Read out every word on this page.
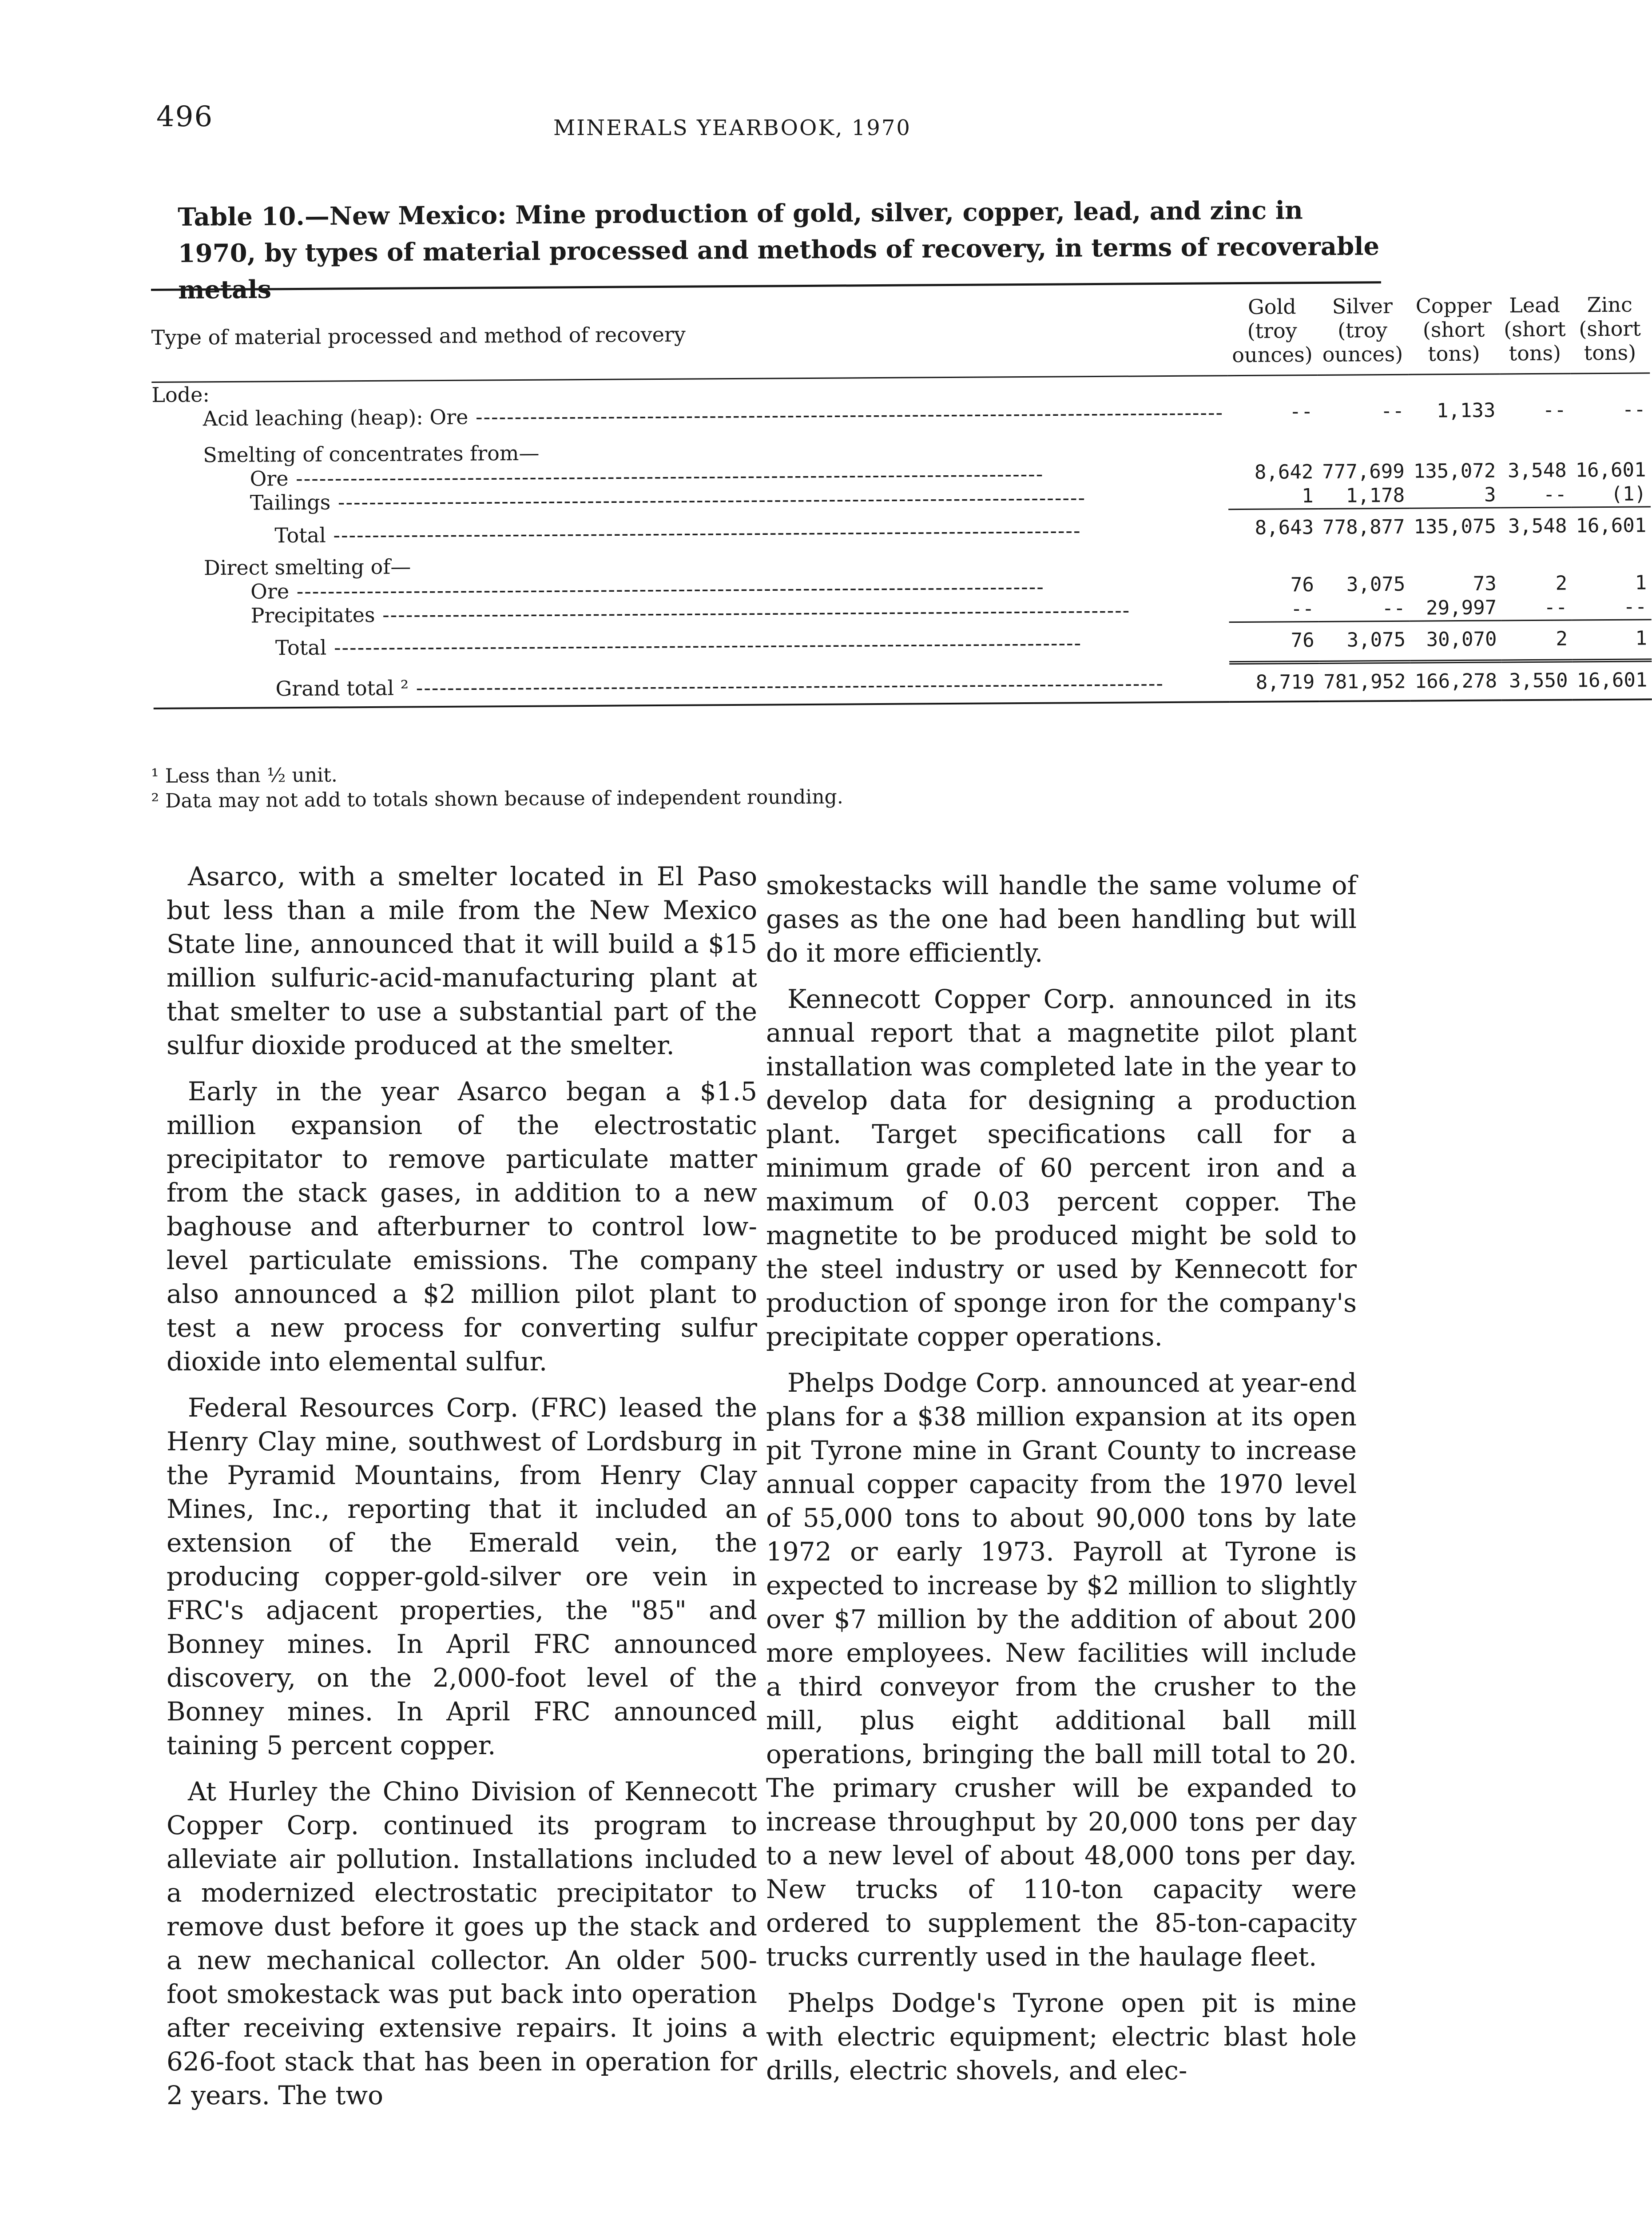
496	MINERALS YEARBOOK, 1970
Table 10.—New Mexico: Mine production of gold, silver, copper, lead, and zinc in 1970, by types of material processed and methods of recovery, in terms of recoverable metals
Type of material processed and method of recovery	Gold (troy ounces)	Silver (troy ounces)	Copper (short tons)	Lead (short tons)	Zinc (short tons)
Lode:					
Acid leaching (heap): Ore -----	--	--	1,133	--	--
Smelting of concentrates from—					
Ore -----	8,642	777,699	135,072	3,548	16,601
Tailings -----	1	1,178	3	--	(1)
Total -----	8,643	778,877	135,075	3,548	16,601
Direct smelting of—					
Ore -----	76	3,075	73	2	1
Precipitates -----	--	--	29,997	--	--
Total -----	76	3,075	30,070	2	1
Grand total ² -----	8,719	781,952	166,278	3,550	16,601
¹ Less than ½ unit.
² Data may not add to totals shown because of independent rounding.

Asarco, with a smelter located in El Paso but less than a mile from the New Mexico State line, announced that it will build a $15 million sulfuric-acid-manufacturing plant at that smelter to use a substantial part of the sulfur dioxide produced at the smelter.

Early in the year Asarco began a $1.5 million expansion of the electrostatic precipitator to remove particulate matter from the stack gases, in addition to a new baghouse and afterburner to control low-level particulate emissions. The company also announced a $2 million pilot plant to test a new process for converting sulfur dioxide into elemental sulfur.

Federal Resources Corp. (FRC) leased the Henry Clay mine, southwest of Lordsburg in the Pyramid Mountains, from Henry Clay Mines, Inc., reporting that it included an extension of the Emerald vein, the producing copper-gold-silver ore vein in FRC's adjacent properties, the "85" and Bonney mines. In April FRC announced discovery, on the 2,000-foot level of the Bonney mines. In April FRC announced taining 5 percent copper.

At Hurley the Chino Division of Kennecott Copper Corp. continued its program to alleviate air pollution. Installations included a modernized electrostatic precipitator to remove dust before it goes up the stack and a new mechanical collector. An older 500-foot smokestack was put back into operation after receiving extensive repairs. It joins a 626-foot stack that has been in operation for 2 years. The two

smokestacks will handle the same volume of gases as the one had been handling but will do it more efficiently.

Kennecott Copper Corp. announced in its annual report that a magnetite pilot plant installation was completed late in the year to develop data for designing a production plant. Target specifications call for a minimum grade of 60 percent iron and a maximum of 0.03 percent copper. The magnetite to be produced might be sold to the steel industry or used by Kennecott for production of sponge iron for the company's precipitate copper operations.

Phelps Dodge Corp. announced at year-end plans for a $38 million expansion at its open pit Tyrone mine in Grant County to increase annual copper capacity from the 1970 level of 55,000 tons to about 90,000 tons by late 1972 or early 1973. Payroll at Tyrone is expected to increase by $2 million to slightly over $7 million by the addition of about 200 more employees. New facilities will include a third conveyor from the crusher to the mill, plus eight additional ball mill operations, bringing the ball mill total to 20. The primary crusher will be expanded to increase throughput by 20,000 tons per day to a new level of about 48,000 tons per day. New trucks of 110-ton capacity were ordered to supplement the 85-ton-capacity trucks currently used in the haulage fleet.

Phelps Dodge's Tyrone open pit is mine with electric equipment; electric blast hole drills, electric shovels, and elec-
